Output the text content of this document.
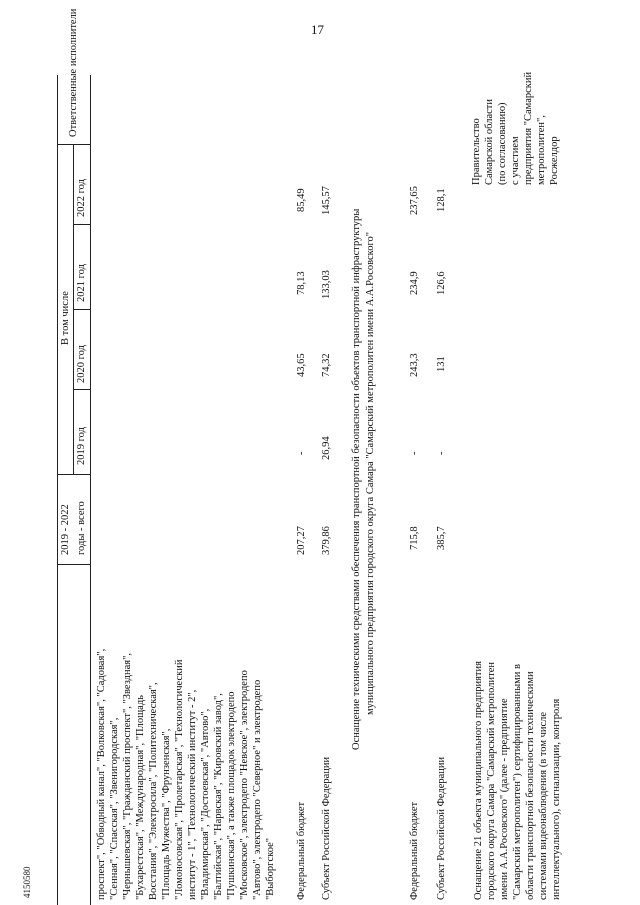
17
4150580
2019 - 2022 годы - всего
В том числе
2019 год
2020 год
2021 год
2022 год
Ответственные исполнители
проспект", "Обводный канал", "Волковская", "Садовая", "Сенная", "Спасская", "Звенигородская", "Чернышевская", "Гражданский проспект", "Звездная", "Бухарестская", "Международная", "Площадь Восстания", "Электросила", "Политехническая", "Площадь Мужества", "Фрунзенская", "Ломоносовская", "Пролетарская", "Технологический институт - 1", "Технологический институт - 2", "Владимирская", "Достоевская", "Автово", "Балтийская", "Нарвская", "Кировский завод", "Пушкинская", а также площадок электродепо "Московское", электродепо "Невское", электродепо "Автово", электродепо "Северное" и электродепо "Выборгское" Федеральный бюджет
207,27
-
43,65
78,13
85,49
Субъект Российской Федерации
379,86
26,94
74,32
133,03
145,57
Оснащение техническими средствами обеспечения транспортной безопасности объектов транспортной инфраструктуры муниципального предприятия городского округа Самара "Самарский метрополитен имени А.А.Росовского"
Федеральный бюджет
715,8
-
243,3
234,9
237,65
Субъект Российской Федерации
385,7
-
131
126,6
128,1
Оснащение 21 объекта муниципального предприятия городского округа Самара "Самарский метрополитен имени А.А.Росовского" (далее - предприятие "Самарский метрополитен") сертифицированными в области транспортной безопасности техническими системами видеонаблюдения (в том числе интеллектуального), сигнализации, контроля
Правительство Самарской области (по согласованию) с участием предприятия "Самарский метрополитен", Росжелдор
